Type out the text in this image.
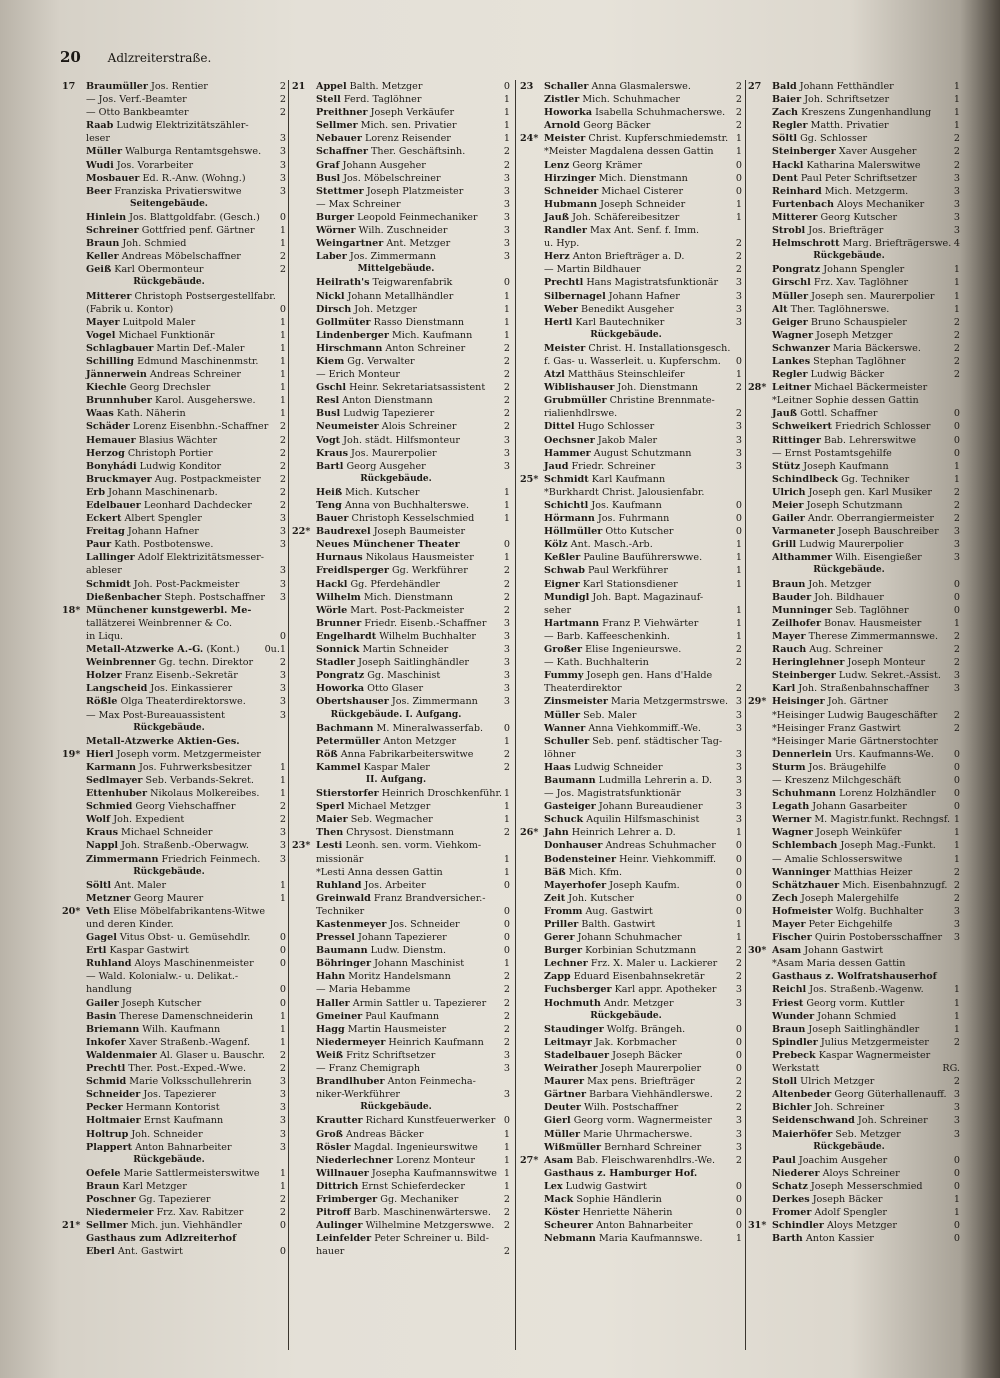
20 Adlzreiterstraße.
17 Braumüller Jos. Rentier	2
— Jos. Verf.-Beamter	2
— Otto Bankbeamter	2
Raab Ludwig Elektrizitätszähler-
leser	3
Müller Walburga Rentamtsgehswe. 3
Wudi Jos. Vorarbeiter	3
Mosbauer Ed. R.-Anw. (Wohng.)	3
Beer Franziska Privatierswitwe	3
Seitengebäude.
Hinlein Jos. Blattgoldfabr. (Gesch.) 0
Schreiner Gottfried penf. Gärtner	1
Braun Joh. Schmied	1
Keller Andreas Möbelschaffner	2
Geiß Karl Obermonteur	2
Rückgebäude.
Mitterer Christoph Postsergestellfabr.
(Fabrik u. Kontor)	0
Mayer Luitpold Maler	1
Vogel Michael Funktionär	1
Schlagbauer Martin Def.-Maler	1
Schilling Edmund Maschinenmstr. 1
Jännerwein Andreas Schreiner	1
Kiechle Georg Drechsler	1
Brunnhuber Karol. Ausgeherswe.	1
Waas Kath. Näherin	1
Schäder Lorenz Eisenbhn.-Schaffner 2
Hemauer Blasius Wächter	2
Herzog Christoph Portier	2
Bonyhádi Ludwig Konditor	2
Bruckmayer Aug. Postpackmeister 2
Erb Johann Maschinenarb.	2
Edelbauer Leonhard Dachdecker	2
Eckert Albert Spengler	3
Freitag Johann Hafner	3
Paur Kath. Postbotenswe.	3
Lallinger Adolf Elektrizitätsmesser-
ableser	3
Schmidt Joh. Post-Packmeister	3
Dießenbacher Steph. Postschaffner 3
18* Münchener kunstgewerbl. Me-
tallätzerei Weinbrenner & Co.
in Liqu.	0
Metall-Atzwerke A.-G. (Kont.)	0u.1
Weinbrenner Gg. techn. Direktor	2
Holzer Franz Eisenb.-Sekretär	3
Langscheid Jos. Einkassierer	3
Rößle Olga Theaterdirektorswe.	3
— Max Post-Bureauassistent	3
Rückgebäude.
Metall-Atzwerke Aktien-Ges.
19* Hierl Joseph vorm. Metzgermeister
Karmann Jos. Fuhrwerksbesitzer	1
Sedlmayer Seb. Verbands-Sekret.	1
Ettenhuber Nikolaus Molkereibes. 1
Schmied Georg Viehschaffner	2
Wolf Joh. Expedient	2
Kraus Michael Schneider	3
Nappl Joh. Straßenb.-Oberwagw.	3
Zimmermann Friedrich Feinmech. 3
Rückgebäude.
Söltl Ant. Maler	1
Metzner Georg Maurer	1
20* Veth Elise Möbelfabrikantens-Witwe
und deren Kinder.
Gagel Vitus Obst- u. Gemüsehdlr.	0
Ertl Kaspar Gastwirt	0
Ruhland Aloys Maschinenmeister	0
— Wald. Kolonialw.- u. Delikat.-
handlung	0
Gailer Joseph Kutscher	0
Basin Therese Damenschneiderin	1
Briemann Wilh. Kaufmann	1
Inkofer Xaver Straßenb.-Wagenf.	1
Waldenmaier Al. Glaser u. Bauschr. 2
Prechtl Ther. Post.-Exped.-Wwe.	2
Schmid Marie Volksschullehrerin	3
Schneider Jos. Tapezierer	3
Pecker Hermann Kontorist	3
Holtmaier Ernst Kaufmann	3
Holtrup Joh. Schneider	3
Plappert Anton Bahnarbeiter	3
Rückgebäude.
Oefele Marie Sattlermeisterswitwe 1
Braun Karl Metzger	1
Poschner Gg. Tapezierer	2
Niedermeier Frz. Xav. Rabitzer	2
21* Sellmer Mich. jun. Viehhändler	0
Gasthaus zum Adlzreiterhof
Eberl Ant. Gastwirt	0
21 Appel Balth. Metzger	0
Stell Ferd. Taglöhner	1
Preithner Joseph Verkäufer	1
Sellmer Mich. sen. Privatier	1
Nebauer Lorenz Reisender	1
Schaffner Ther. Geschäftsinh.	2
Graf Johann Ausgeher	2
Busl Jos. Möbelschreiner	3
Stettmer Joseph Platzmeister	3
— Max Schreiner	3
Burger Leopold Feinmechaniker	3
Wörner Wilh. Zuschneider	3
Weingartner Ant. Metzger	3
Laber Jos. Zimmermann	3
Mittelgebäude.
Heilrath's Teigwarenfabrik	0
Nickl Johann Metallhändler	1
Dirsch Joh. Metzger	1
Gollmüter Rasso Dienstmann	1
Lindenberger Mich. Kaufmann	1
Hirschmann Anton Schreiner	2
Kiem Gg. Verwalter	2
— Erich Monteur	2
Gschl Heinr. Sekretariatsassistent 2
Resl Anton Dienstmann	2
Busl Ludwig Tapezierer	2
Neumeister Alois Schreiner	2
Vogt Joh. städt. Hilfsmonteur	3
Kraus Jos. Maurerpolier	3
Bartl Georg Ausgeher	3
Rückgebäude.
Heiß Mich. Kutscher	1
Teng Anna von Buchhalterswe.	1
Bauer Christoph Kesselschmied	1
22* Baudrexel Joseph Baumeister
Neues Münchener Theater	0
Hurnaus Nikolaus Hausmeister	1
Freidlsperger Gg. Werkführer	2
Hackl Gg. Pferdehändler	2
Wilhelm Mich. Dienstmann	2
Wörle Mart. Post-Packmeister	2
Brunner Friedr. Eisenb.-Schaffner 3
Engelhardt Wilhelm Buchhalter	3
Sonnick Martin Schneider	3
Stadler Joseph Saitlinghändler	3
Pongratz Gg. Maschinist	3
Howorka Otto Glaser	3
Obertshauser Jos. Zimmermann	3
Rückgebäude. I. Aufgang.
Bachmann M. Mineralwasserfab. 0
Petermüller Anton Metzger	1
Röß Anna Fabrikarbeiterswitwe	2
Kammel Kaspar Maler	2
II. Aufgang.
Stierstorfer Heinrich Droschkenführ. 1
Sperl Michael Metzger	1
Maier Seb. Wegmacher	1
Then Chrysost. Dienstmann	2
23* Lesti Leonh. sen. vorm. Viehkom-
missionär	1
*Lesti Anna dessen Gattin	1
Ruhland Jos. Arbeiter	0
Greinwald Franz Brandversicher.-
Techniker	0
Kastenmeyer Jos. Schneider	0
Pressel Johann Tapezierer	0
Baumann Ludw. Dienstm.	0
Böhringer Johann Maschinist	1
Hahn Moritz Handelsmann	2
— Maria Hebamme	2
Haller Armin Sattler u. Tapezierer 2
Gmeiner Paul Kaufmann	2
Hagg Martin Hausmeister	2
Niedermeyer Heinrich Kaufmann 2
Weiß Fritz Schriftsetzer	3
— Franz Chemigraph	3
Brandlhuber Anton Feinmecha-
niker-Werkführer	3
Rückgebäude.
Krautter Richard Kunstfeuerwerker 0
Groß Andreas Bäcker	1
Rösler Magdal. Ingenieurswitwe	1
Niederlechner Lorenz Monteur	1
Willnauer Josepha Kaufmannswitwe 1
Dittrich Ernst Schieferdecker	1
Frimberger Gg. Mechaniker	2
Pitroff Barb. Maschinenwärterswe. 2
Aulinger Wilhelmine Metzgerswwe. 2
Leinfelder Peter Schreiner u. Bild-
hauer	2
23 Schaller Anna Glasmalerswe.	2
Zistler Mich. Schuhmacher	2
Howorka Isabella Schuhmacherswe. 2
Arnold Georg Bäcker	2
24* Meister Christ. Kupferschmiedemstr. 1
*Meister Magdalena dessen Gattin 1
Lenz Georg Krämer	0
Hirzinger Mich. Dienstmann	0
Schneider Michael Cisterer	0
Hubmann Joseph Schneider	1
Jauß Joh. Schäfereibesitzer	1
Randler Max Ant. Senf. f. Imm.
u. Hyp.	2
Herz Anton Briefträger a. D.	2
— Martin Bildhauer	2
Prechtl Hans Magistratsfunktionär 3
Silbernagel Johann Hafner	3
Weber Benedikt Ausgeher	3
Hertl Karl Bautechniker	3
Rückgebäude.
Meister Christ. H. Installationsgesch.
f. Gas- u. Wasserleit. u. Kupferschm. 0
Atzl Matthäus Steinschleifer	1
Wiblishauser Joh. Dienstmann	2
Grubmüller Christine Brennmate-
rialienhdlrswe.	2
Dittel Hugo Schlosser	3
Oechsner Jakob Maler	3
Hammer August Schutzmann	3
Jaud Friedr. Schreiner	3
25* Schmidt Karl Kaufmann
*Burkhardt Christ. Jalousienfabr.
Schichtl Jos. Kaufmann	0
Hörmann Jos. Fuhrmann	0
Höllmüller Otto Kutscher	0
Kölz Ant. Masch.-Arb.	1
Keßler Pauline Bauführerswwe.	1
Schwab Paul Werkführer	1
Eigner Karl Stationsdiener	1
Mundigl Joh. Bapt. Magazinauf-
seher	1
Hartmann Franz P. Viehwärter	1
— Barb. Kaffeeschenkinh.	1
Großer Elise Ingenieurswe.	2
— Kath. Buchhalterin	2
Fummy Joseph gen. Hans d'Halde
Theaterdirektor	2
Zinsmeister Maria Metzgermstrswe. 3
Müller Seb. Maler	3
Wanner Anna Viehkommiff.-We.	3
Schuller Seb. penf. städtischer Tag-
löhner	3
Haas Ludwig Schneider	3
Baumann Ludmilla Lehrerin a. D. 3
— Jos. Magistratsfunktionär	3
Gasteiger Johann Bureaudiener	3
Schuck Aquilin Hilfsmaschinist	3
26* Jahn Heinrich Lehrer a. D.	1
Donhauser Andreas Schuhmacher 0
Bodensteiner Heinr. Viehkommiff. 0
Bäß Mich. Kfm.	0
Mayerhofer Joseph Kaufm.	0
Zeit Joh. Kutscher	0
Fromm Aug. Gastwirt	0
Priller Balth. Gastwirt	1
Gerer Johann Schuhmacher	1
Burger Korbinian Schutzmann	2
Lechner Frz. X. Maler u. Lackierer 2
Zapp Eduard Eisenbahnsekretär	2
Fuchsberger Karl appr. Apotheker 3
Hochmuth Andr. Metzger	3
Rückgebäude.
Staudinger Wolfg. Brängeh.	0
Leitmayr Jak. Korbmacher	0
Stadelbauer Joseph Bäcker	0
Weirather Joseph Maurerpolier	0
Maurer Max pens. Briefträger	2
Gärtner Barbara Viehhändlerswe. 2
Deuter Wilh. Postschaffner	2
Gierl Georg vorm. Wagnermeister	3
Müller Marie Uhrmacherswe.	3
Wißmüller Bernhard Schreiner	3
27* Asam Bab. Fleischwarenhdlrs.-We. 2
Gasthaus z. Hamburger Hof.
Lex Ludwig Gastwirt	0
Mack Sophie Händlerin	0
Köster Henriette Näherin	0
Scheurer Anton Bahnarbeiter	0
Nebmann Maria Kaufmannswe.	1
27 Bald Johann Fetthändler	1
Baier Joh. Schriftsetzer	1
Zach Kreszens Zungenhandlung 1
Regler Matth. Privatier	1
Söltl Gg. Schlosser	2
Steinberger Xaver Ausgeher	2
Hackl Katharina Malerswitwe	2
Dent Paul Peter Schriftsetzer	3
Reinhard Mich. Metzgerm.	3
Furtenbach Aloys Mechaniker	3
Mitterer Georg Kutscher	3
Strobl Jos. Briefträger	3
Helmschrott Marg. Briefträgerswe. 4
Rückgebäude.
Pongratz Johann Spengler	1
Girschl Frz. Xav. Taglöhner	1
Müller Joseph sen. Maurerpolier 1
Alt Ther. Taglöhnerswe.	1
Geiger Bruno Schauspieler	2
Wagner Joseph Metzger	2
Schwanzer Maria Bäckerswe.	2
Lankes Stephan Taglöhner	2
Regler Ludwig Bäcker	2
28* Leitner Michael Bäckermeister
*Leitner Sophie dessen Gattin
Jauß Gottl. Schaffner	0
Schweikert Friedrich Schlosser 0
Rittinger Bab. Lehrerswitwe	0
— Ernst Postamtsgehilfe	0
Stütz Joseph Kaufmann	1
Schindlbeck Gg. Techniker	1
Ulrich Joseph gen. Karl Musiker 2
Meier Joseph Schutzmann	2
Gailer Andr. Oberrangiermeister 2
Varmaneter Joseph Bauschreiber 3
Grill Ludwig Maurerpolier	3
Althammer Wilh. Eisengießer	3
Rückgebäude.
Braun Joh. Metzger	0
Bauder Joh. Bildhauer	0
Munninger Seb. Taglöhner	0
Zeilhofer Bonav. Hausmeister	1
Mayer Therese Zimmermannswe. 2
Rauch Aug. Schreiner	2
Heringlehner Joseph Monteur	2
Steinberger Ludw. Sekret.-Assist. 3
Karl Joh. Straßenbahnschaffner	3
29* Heisinger Joh. Gärtner
*Heisinger Ludwig Baugeschäfter 2
*Heisinger Franz Gastwirt	2
*Heisinger Marie Gärtnerstochter
Dennerlein Urs. Kaufmanns-We. 0
Sturm Jos. Bräugehilfe	0
— Kreszenz Milchgeschäft	0
Schuhmann Lorenz Holzhändler 0
Legath Johann Gasarbeiter	0
Werner M. Magistr.funkt. Rechngsf. 1
Wagner Joseph Weinküfer	1
Schlembach Joseph Mag.-Funkt. 1
— Amalie Schlosserswitwe	1
Wanninger Matthias Heizer	2
Schätzhauer Mich. Eisenbahnzugf. 2
Zech Joseph Malergehilfe	2
Hofmeister Wolfg. Buchhalter	3
Mayer Peter Eichgehilfe	3
Fischer Quirin Postobersschaffner 3
30* Asam Johann Gastwirt
*Asam Maria dessen Gattin
Gasthaus z. Wolfratshauserhof
Reichl Jos. Straßenb.-Wagenw.	1
Friest Georg vorm. Kuttler	1
Wunder Johann Schmied	1
Braun Joseph Saitlinghändler	1
Spindler Julius Metzgermeister	2
Prebeck Kaspar Wagnermeister
Werkstatt	RG.
Stoll Ulrich Metzger	2
Altenbeder Georg Güterhallenauff. 3
Bichler Joh. Schreiner	3
Seidenschwand Joh. Schreiner	3
Maierhöfer Seb. Metzger	3
Rückgebäude.
Paul Joachim Ausgeher	0
Niederer Aloys Schreiner	0
Schatz Joseph Messerschmied	0
Derkes Joseph Bäcker	1
Fromer Adolf Spengler	1
31* Schindler Aloys Metzger	0
Barth Anton Kassier	0
